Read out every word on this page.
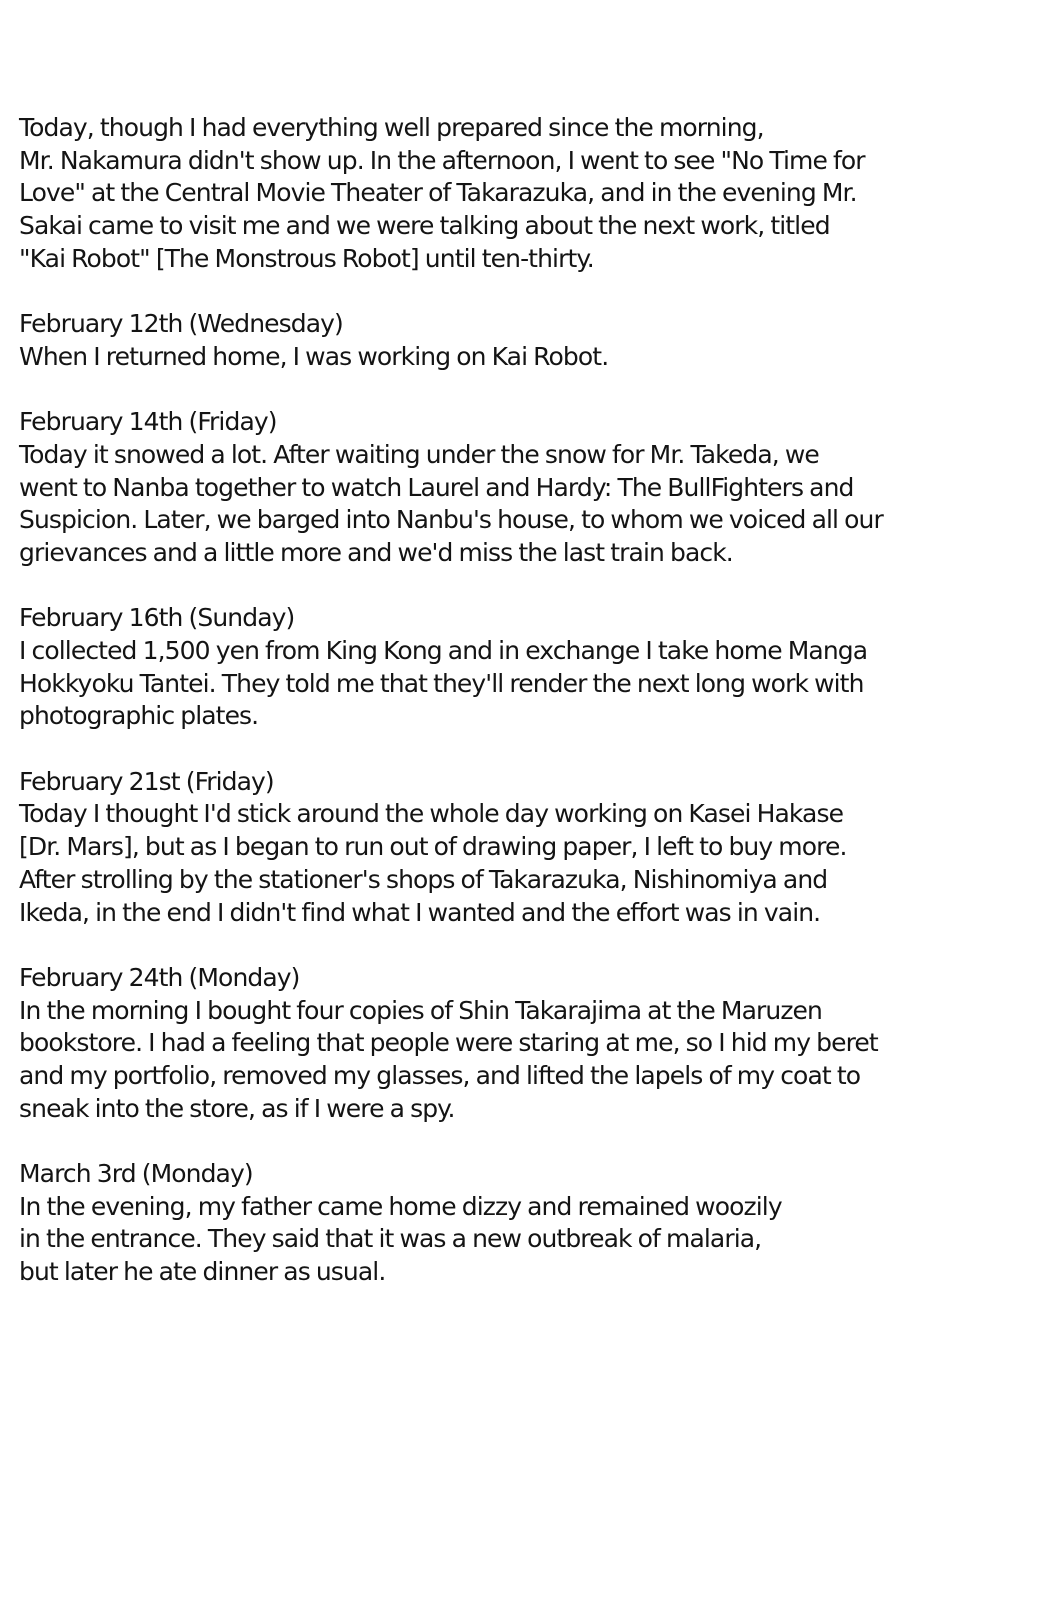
Today, though I had everything well prepared since the morning,
Mr. Nakamura didn't show up. In the afternoon, I went to see "No Time for
Love" at the Central Movie Theater of Takarazuka, and in the evening Mr.
Sakai came to visit me and we were talking about the next work, titled
"Kai Robot" [The Monstrous Robot] until ten-thirty.
February 12th (Wednesday)
When I returned home, I was working on Kai Robot.
February 14th (Friday)
Today it snowed a lot. After waiting under the snow for Mr. Takeda, we
went to Nanba together to watch Laurel and Hardy: The BullFighters and
Suspicion. Later, we barged into Nanbu's house, to whom we voiced all our
grievances and a little more and we'd miss the last train back.
February 16th (Sunday)
I collected 1,500 yen from King Kong and in exchange I take home Manga
Hokkyoku Tantei. They told me that they'll render the next long work with
photographic plates.
February 21st (Friday)
Today I thought I'd stick around the whole day working on Kasei Hakase
[Dr. Mars], but as I began to run out of drawing paper, I left to buy more.
After strolling by the stationer's shops of Takarazuka, Nishinomiya and
Ikeda, in the end I didn't find what I wanted and the effort was in vain.
February 24th (Monday)
In the morning I bought four copies of Shin Takarajima at the Maruzen
bookstore. I had a feeling that people were staring at me, so I hid my beret
and my portfolio, removed my glasses, and lifted the lapels of my coat to
sneak into the store, as if I were a spy.
March 3rd (Monday)
In the evening, my father came home dizzy and remained woozily
in the entrance. They said that it was a new outbreak of malaria,
but later he ate dinner as usual.
